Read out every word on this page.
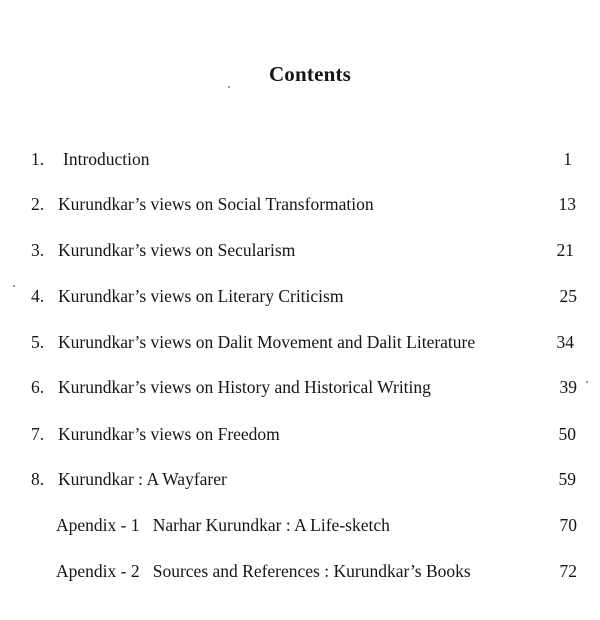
Contents
1. Introduction	1
2. Kurundkar’s views on Social Transformation	13
3. Kurundkar’s views on Secularism	21
4. Kurundkar’s views on Literary Criticism	25
5. Kurundkar’s views on Dalit Movement and Dalit Literature	34
6. Kurundkar’s views on History and Historical Writing	39
7. Kurundkar’s views on Freedom	50
8. Kurundkar : A Wayfarer	59
Apendix - 1   Narhar Kurundkar : A Life-sketch	70
Apendix - 2   Sources and References : Kurundkar’s Books	72
